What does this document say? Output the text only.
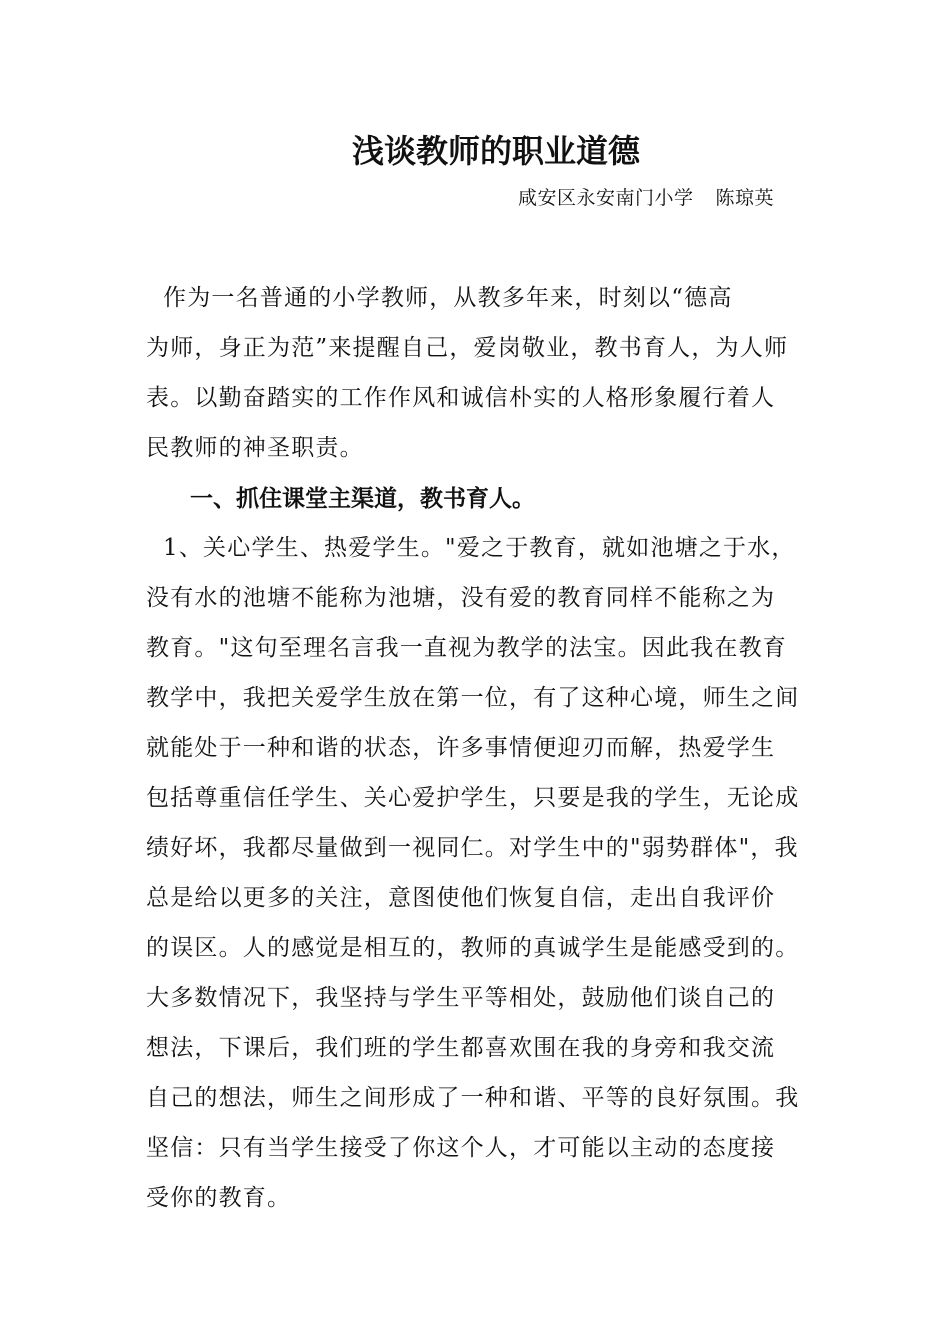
浅谈教师的职业道德
咸安区永安南门小学 陈琼英
作为一名普通的小学教师，从教多年来，时刻以“德高
为师，身正为范”来提醒自己，爱岗敬业，教书育人，为人师
表。以勤奋踏实的工作作风和诚信朴实的人格形象履行着人
民教师的神圣职责。
一、抓住课堂主渠道，教书育人。
1、关心学生、热爱学生。"爱之于教育，就如池塘之于水，
没有水的池塘不能称为池塘，没有爱的教育同样不能称之为
教育。"这句至理名言我一直视为教学的法宝。因此我在教育
教学中，我把关爱学生放在第一位，有了这种心境，师生之间
就能处于一种和谐的状态，许多事情便迎刃而解，热爱学生
包括尊重信任学生、关心爱护学生，只要是我的学生，无论成
绩好坏，我都尽量做到一视同仁。对学生中的"弱势群体"，我
总是给以更多的关注，意图使他们恢复自信，走出自我评价
的误区。人的感觉是相互的，教师的真诚学生是能感受到的。
大多数情况下，我坚持与学生平等相处，鼓励他们谈自己的
想法，下课后，我们班的学生都喜欢围在我的身旁和我交流
自己的想法，师生之间形成了一种和谐、平等的良好氛围。我
坚信：只有当学生接受了你这个人，才可能以主动的态度接
受你的教育。
